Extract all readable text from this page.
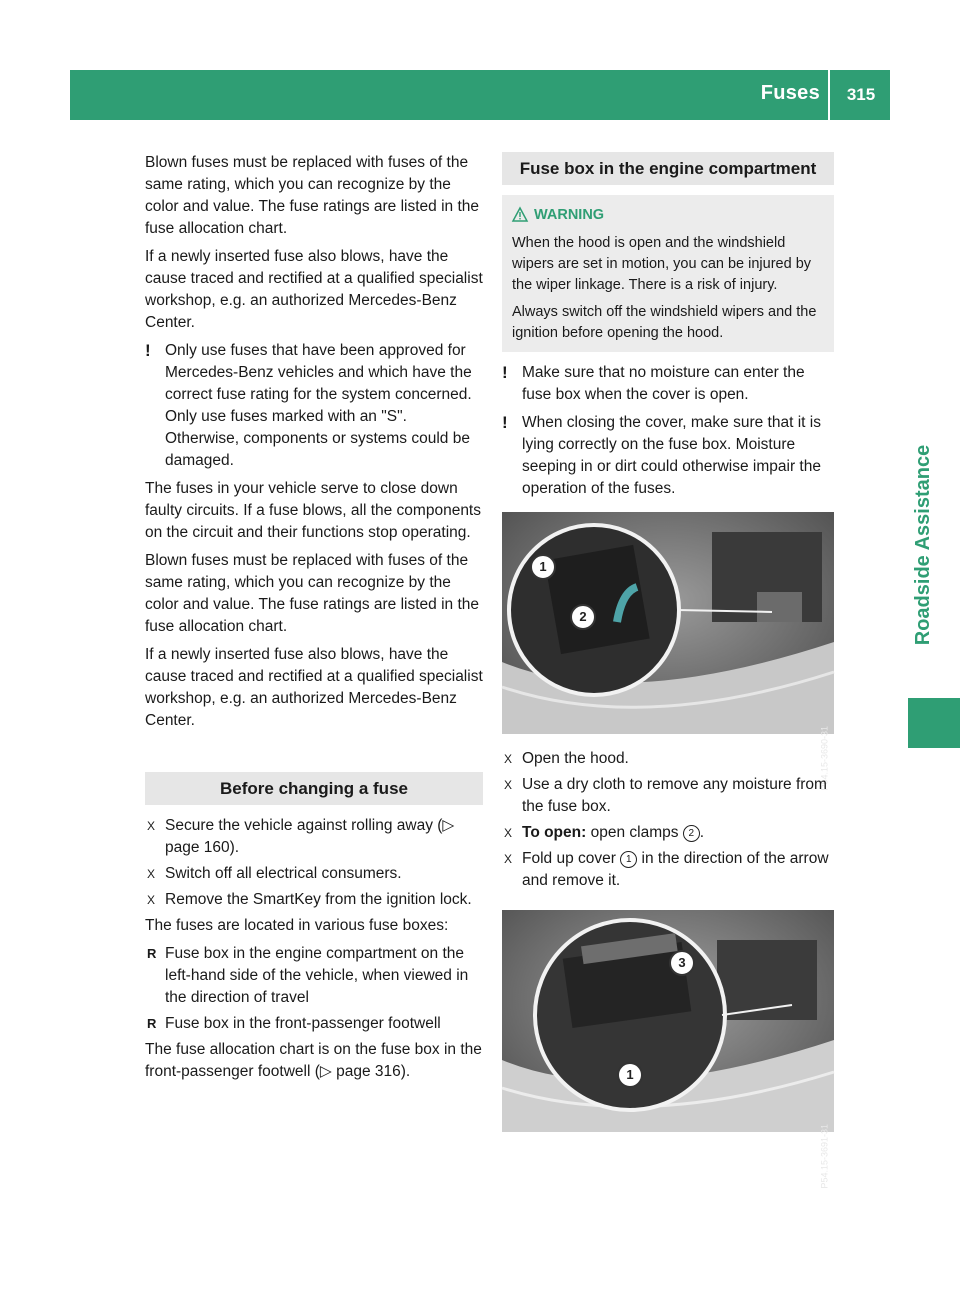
Fuses	315
Roadside Assistance

Blown fuses must be replaced with fuses of the same rating, which you can recognize by the color and value. The fuse ratings are listed in the fuse allocation chart.

If a newly inserted fuse also blows, have the cause traced and rectified at a qualified specialist workshop, e.g. an authorized Mercedes-Benz Center.

! Only use fuses that have been approved for Mercedes-Benz vehicles and which have the correct fuse rating for the system concerned. Only use fuses marked with an "S". Otherwise, components or systems could be damaged.

The fuses in your vehicle serve to close down faulty circuits. If a fuse blows, all the components on the circuit and their functions stop operating.

Blown fuses must be replaced with fuses of the same rating, which you can recognize by the color and value. The fuse ratings are listed in the fuse allocation chart.

If a newly inserted fuse also blows, have the cause traced and rectified at a qualified specialist workshop, e.g. an authorized Mercedes-Benz Center.

Before changing a fuse
X Secure the vehicle against rolling away (▷ page 160).
X Switch off all electrical consumers.
X Remove the SmartKey from the ignition lock.

The fuses are located in various fuse boxes:

R Fuse box in the engine compartment on the left-hand side of the vehicle, when viewed in the direction of travel
R Fuse box in the front-passenger footwell

The fuse allocation chart is on the fuse box in the front-passenger footwell (▷ page 316).

Fuse box in the engine compartment
WARNING

When the hood is open and the windshield wipers are set in motion, you can be injured by the wiper linkage. There is a risk of injury.

Always switch off the windshield wipers and the ignition before opening the hood.

! Make sure that no moisture can enter the fuse box when the cover is open.
! When closing the cover, make sure that it is lying correctly on the fuse box. Moisture seeping in or dirt could otherwise impair the operation of the fuses.
1
2
P54.15-3690-31
X Open the hood.
X Use a dry cloth to remove any moisture from the fuse box.
X To open: open clamps 2 .
X Fold up cover 1 in the direction of the arrow and remove it.
3
1
P54.15-3691-31
